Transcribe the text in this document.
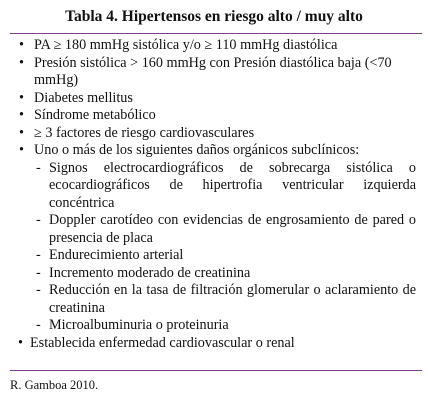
Tabla 4. Hipertensos en riesgo alto / muy alto

• PA ≥ 180 mmHg sistólica y/o ≥ 110 mmHg diastólica
• Presión sistólica > 160 mmHg con Presión diastólica baja (<70 mmHg)
• Diabetes mellitus
• Síndrome metabólico
• ≥ 3 factores de riesgo cardiovasculares
• Uno o más de los siguientes daños orgánicos subclínicos:
- Signos electrocardiográficos de sobrecarga sistólica o ecocardiográficos de hipertrofia ventricular izquierda concéntrica
- Doppler carotídeo con evidencias de engrosamiento de pared o presencia de placa
- Endurecimiento arterial
- Incremento moderado de creatinina
- Reducción en la tasa de filtración glomerular o aclaramiento de creatinina
- Microalbuminuria o proteinuria
• Establecida enfermedad cardiovascular o renal

R. Gamboa 2010.
